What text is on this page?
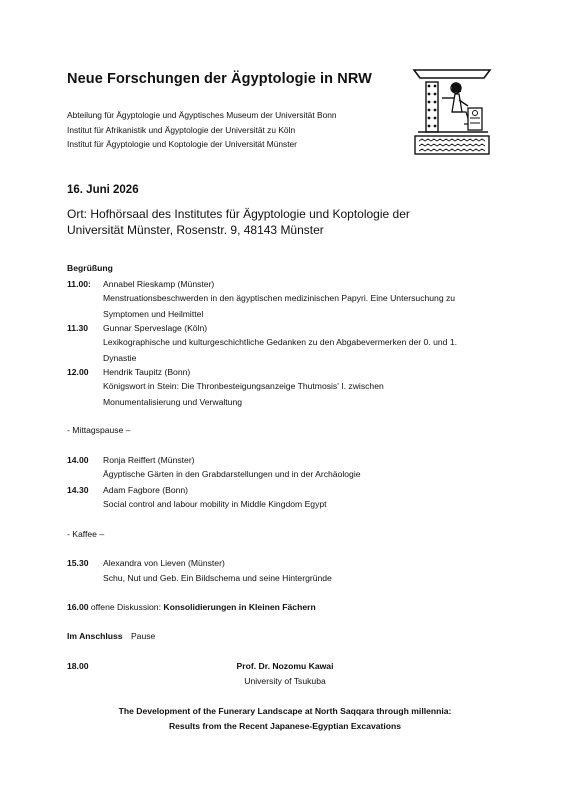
Neue Forschungen der Ägyptologie in NRW
Abteilung für Ägyptologie und Ägyptisches Museum der Universität Bonn
Institut für Afrikanistik und Ägyptologie der Universität zu Köln
Institut für Ägyptologie und Koptologie der Universität Münster
16. Juni 2026
Ort: Hofhörsaal des Institutes für Ägyptologie und Koptologie der
Universität Münster, Rosenstr. 9, 48143 Münster
Begrüßung
11.00: Annabel Rieskamp (Münster)
Menstruationsbeschwerden in den ägyptischen medizinischen Papyri. Eine Untersuchung zu
Symptomen und Heilmittel
11.30 Gunnar Sperveslage (Köln)
Lexikographische und kulturgeschichtliche Gedanken zu den Abgabevermerken der 0. und 1.
Dynastie
12.00 Hendrik Taupitz (Bonn)
Königswort in Stein: Die Thronbesteigungsanzeige Thutmosis' I. zwischen
Monumentalisierung und Verwaltung
- Mittagspause –
14.00 Ronja Reiffert (Münster)
Ägyptische Gärten in den Grabdarstellungen und in der Archäologie
14.30 Adam Fagbore (Bonn)
Social control and labour mobility in Middle Kingdom Egypt
- Kaffee –
15.30 Alexandra von Lieven (Münster)
Schu, Nut und Geb. Ein Bildschema und seine Hintergründe
16.00 offene Diskussion: Konsolidierungen in Kleinen Fächern
Im Anschluss Pause
18.00	Prof. Dr. Nozomu Kawai
University of Tsukuba
The Development of the Funerary Landscape at North Saqqara through millennia:
Results from the Recent Japanese-Egyptian Excavations
